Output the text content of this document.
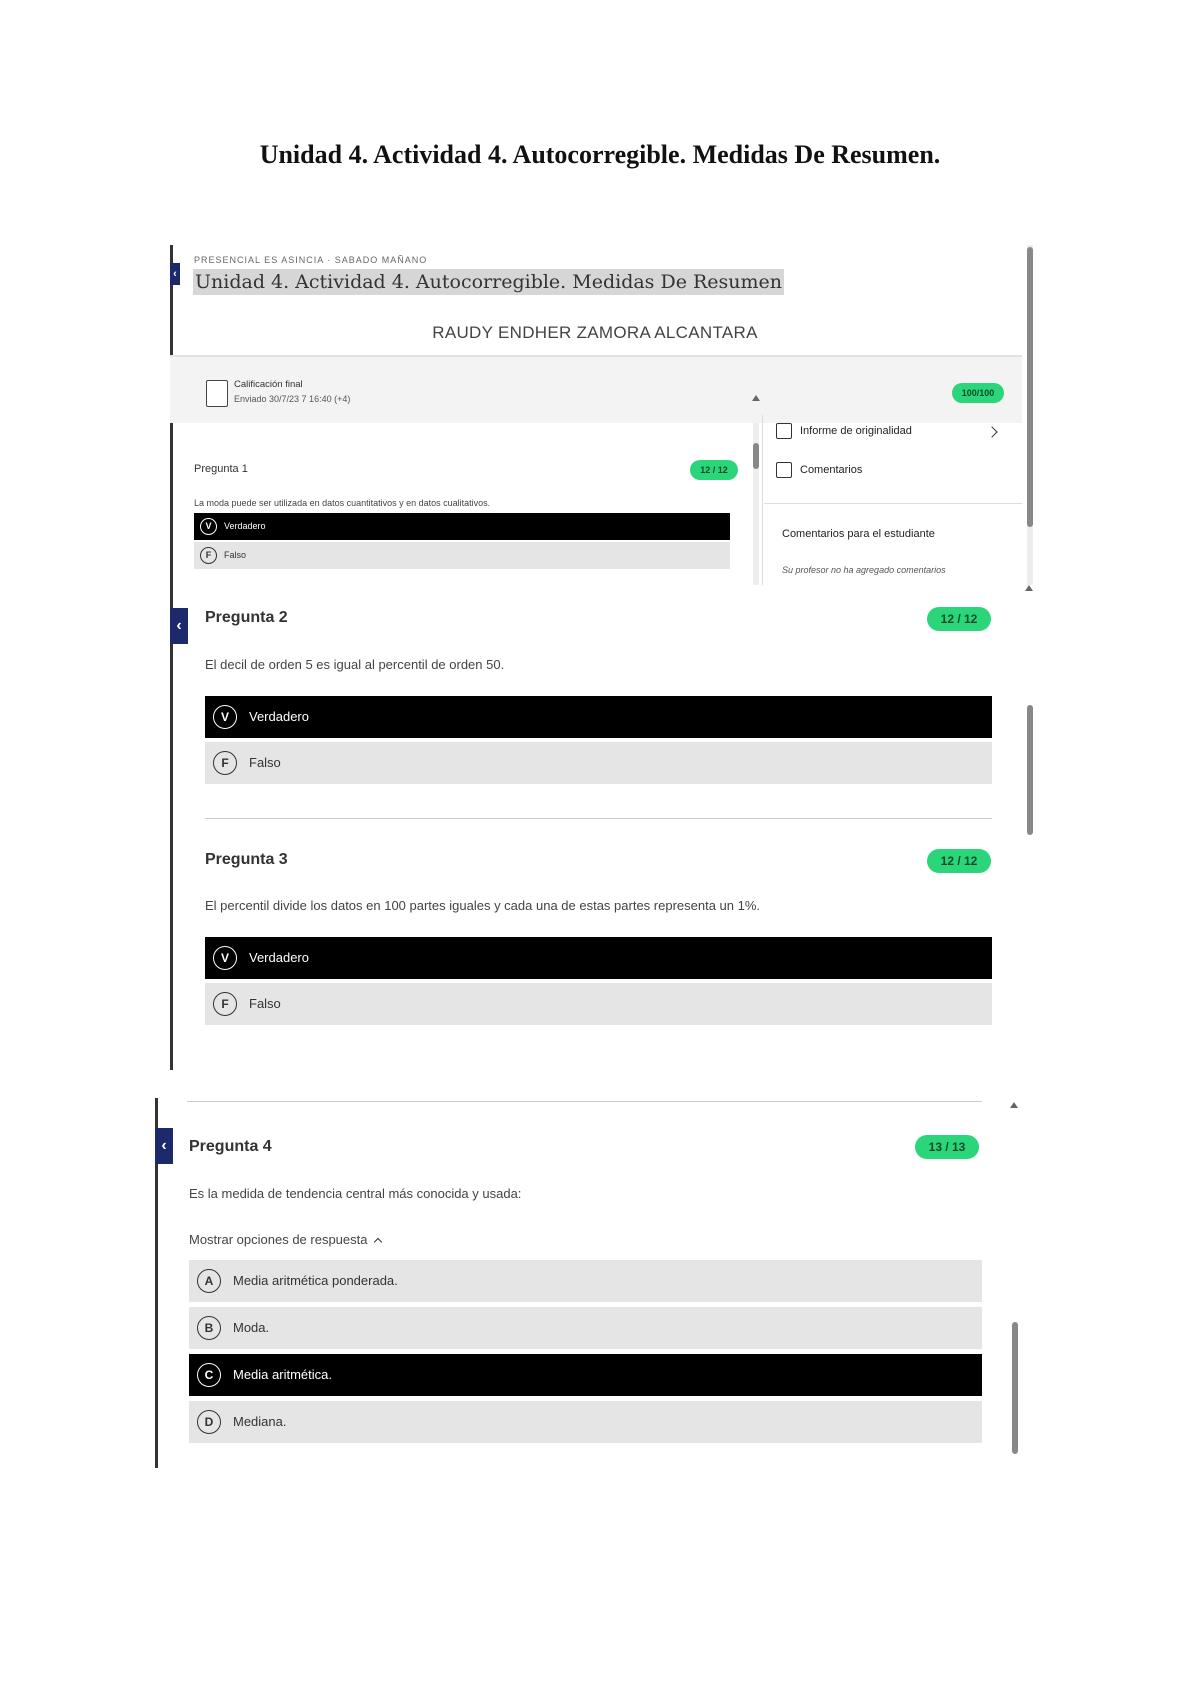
Unidad 4. Actividad 4. Autocorregible. Medidas De Resumen.
‹
PRESENCIAL ES ASINCIA · SABADO MAÑANO
Unidad 4. Actividad 4. Autocorregible. Medidas De Resumen
RAUDY ENDHER ZAMORA ALCANTARA
Calificación final
Enviado 30/7/23 7 16:40 (+4)
100/100
Pregunta 1	12 / 12
La moda puede ser utilizada en datos cuantitativos y en datos cualitativos.
V	Verdadero
F	Falso
Informe de originalidad
Comentarios
Comentarios para el estudiante
Su profesor no ha agregado comentarios
‹	Pregunta 2	12 / 12
El decil de orden 5 es igual al percentil de orden 50.
V	Verdadero
F	Falso
Pregunta 3	12 / 12
El percentil divide los datos en 100 partes iguales y cada una de estas partes representa un 1%.
V	Verdadero
F	Falso
‹	Pregunta 4	13 / 13
Es la medida de tendencia central más conocida y usada:
Mostrar opciones de respuesta
A	Media aritmética ponderada.
B	Moda.
C	Media aritmética.
D	Mediana.
